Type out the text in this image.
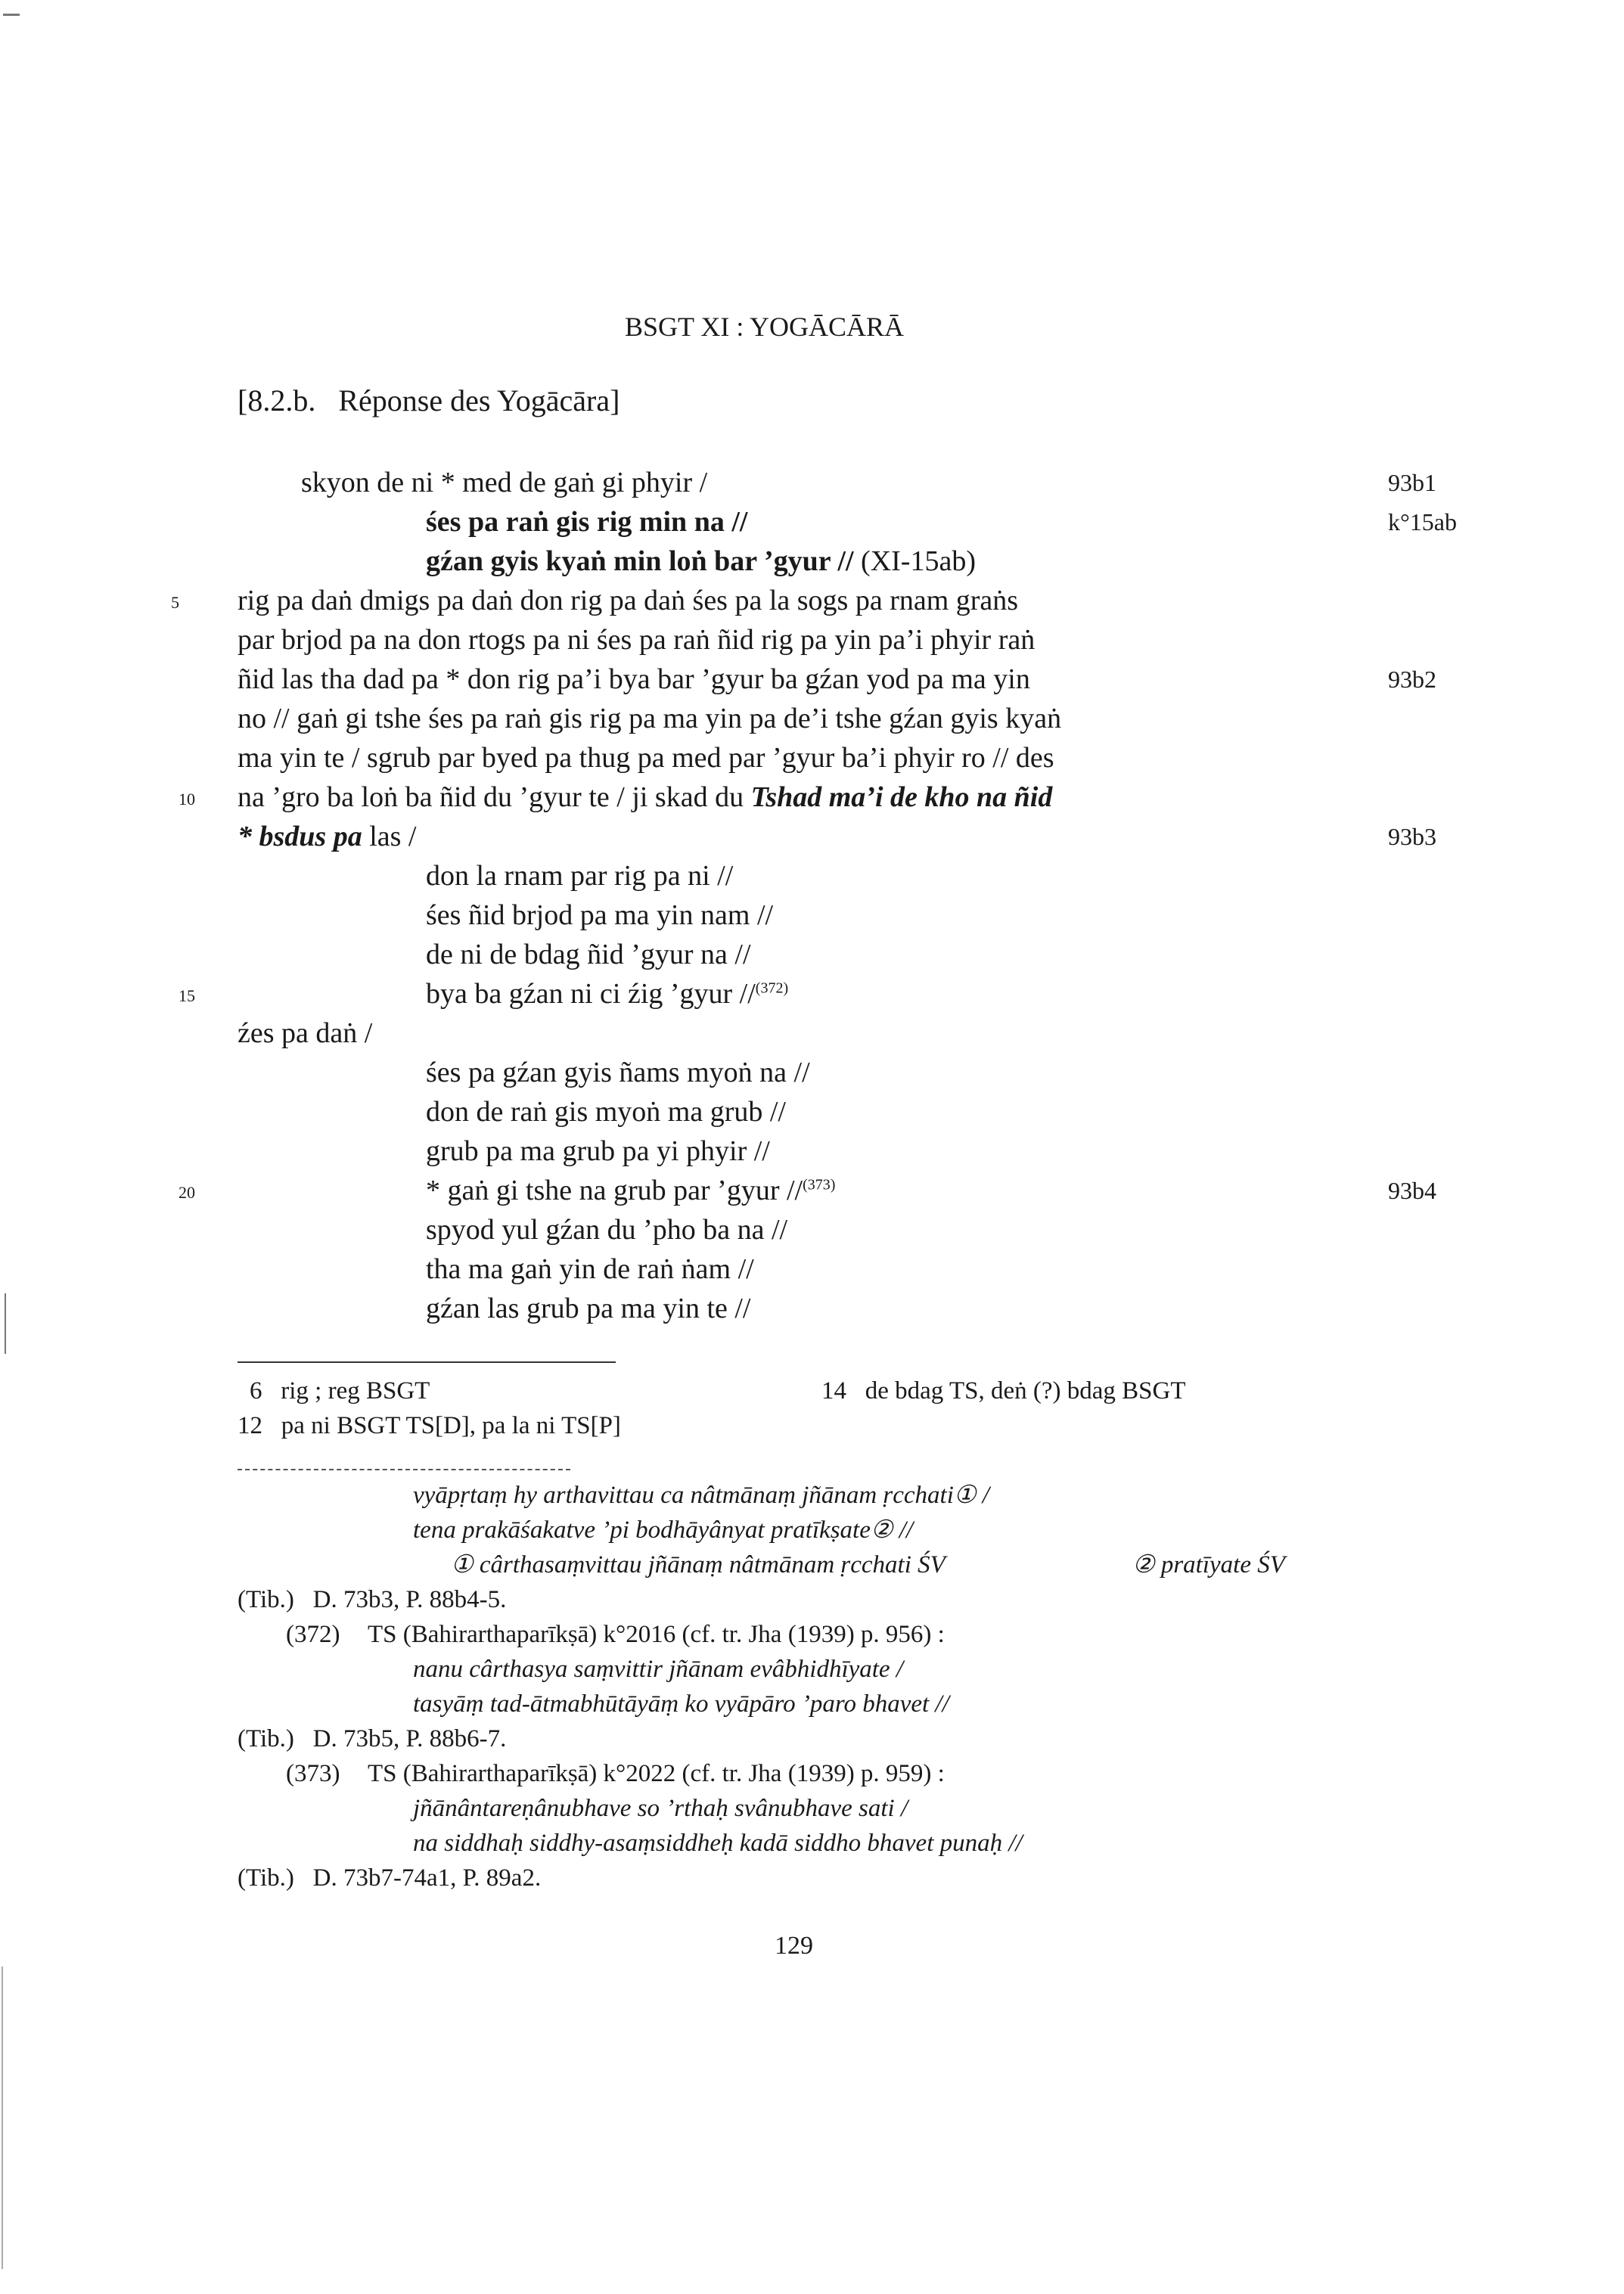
BSGT XI : YOGĀCĀRĀ
[8.2.b.   Réponse des Yogācāra]
skyon de ni * med de gaṅ gi phyir /
śes pa raṅ gis rig min na //
gźan gyis kyaṅ min loṅ bar ’gyur // (XI-15ab)
rig pa daṅ dmigs pa daṅ don rig pa daṅ śes pa la sogs pa rnam graṅs
par brjod pa na don rtogs pa ni śes pa raṅ ñid rig pa yin pa’i phyir raṅ
ñid las tha dad pa * don rig pa’i bya bar ’gyur ba gźan yod pa ma yin
no // gaṅ gi tshe śes pa raṅ gis rig pa ma yin pa de’i tshe gźan gyis kyaṅ
ma yin te / sgrub par byed pa thug pa med par ’gyur ba’i phyir ro // des
na ’gro ba loṅ ba ñid du ’gyur te / ji skad du Tshad ma’i de kho na ñid
* bsdus pa las /
don la rnam par rig pa ni //
śes ñid brjod pa ma yin nam //
de ni de bdag ñid ’gyur na //
bya ba gźan ni ci źig ’gyur //$^{(372)}$
źes pa daṅ /
śes pa gźan gyis ñams myoṅ na //
don de raṅ gis myoṅ ma grub //
grub pa ma grub pa yi phyir //
* gaṅ gi tshe na grub par ’gyur //$^{(373)}$
spyod yul gźan du ’pho ba na //
tha ma gaṅ yin de raṅ ṅam //
gźan las grub pa ma yin te //
5
10
15
20
93b1
k°15ab
93b2
93b3
93b4
6   rig ; reg BSGT
12   pa ni BSGT TS[D], pa la ni TS[P]
14   de bdag TS, deṅ (?) bdag BSGT
vyāpṛtaṃ hy arthavittau ca nâtmānaṃ jñānam ṛcchati① /
tena prakāśakatve ’pi bodhāyânyat pratīkṣate② //
① cârthasaṃvittau jñānaṃ nâtmānam ṛcchati ŚV	② pratīyate ŚV
(Tib.)   D. 73b3, P. 88b4-5.
(372) TS (Bahirarthaparīkṣā) k°2016 (cf. tr. Jha (1939) p. 956) :
nanu cârthasya saṃvittir jñānam evâbhidhīyate /
tasyāṃ tad-ātmabhūtāyāṃ ko vyāpāro ’paro bhavet //
(Tib.)   D. 73b5, P. 88b6-7.
(373) TS (Bahirarthaparīkṣā) k°2022 (cf. tr. Jha (1939) p. 959) :
jñānântareṇânubhave so ’rthaḥ svânubhave sati /
na siddhaḥ siddhy-asaṃsiddheḥ kadā siddho bhavet punaḥ //
(Tib.)   D. 73b7-74a1, P. 89a2.
129
